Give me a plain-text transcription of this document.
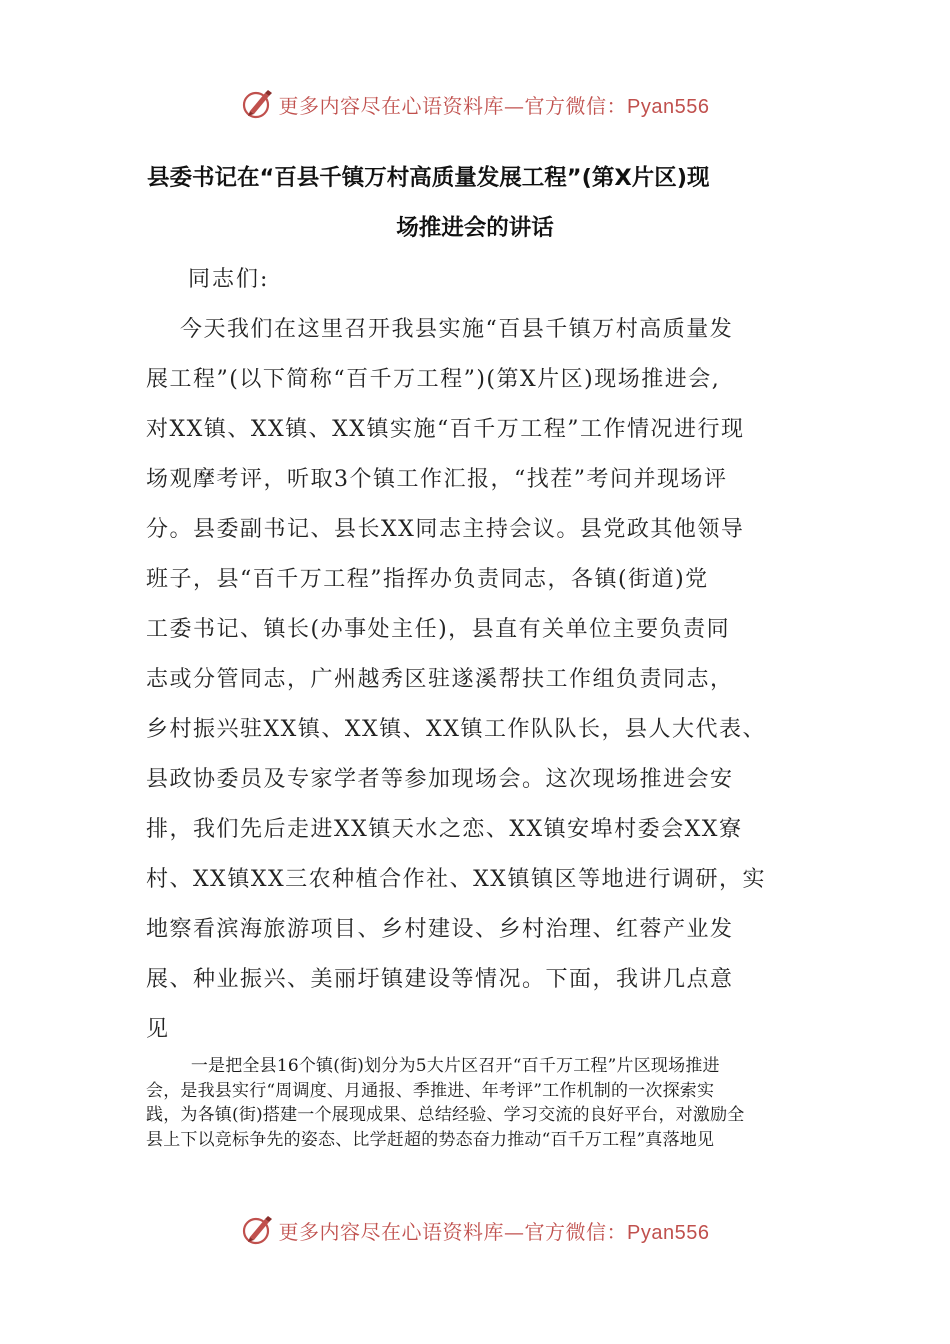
更多内容尽在心语资料库—官方微信：Pyan556
县委书记在“百县千镇万村高质量发展工程”(第X片区)现
场推进会的讲话
同志们:
今天我们在这里召开我县实施“百县千镇万村高质量发
展工程”(以下简称“百千万工程”)(第X片区)现场推进会,
对XX镇、XX镇、XX镇实施“百千万工程”工作情况进行现
场观摩考评，听取3个镇工作汇报，“找茬”考问并现场评
分。县委副书记、县长XX同志主持会议。县党政其他领导
班子，县“百千万工程”指挥办负责同志，各镇(街道)党
工委书记、镇长(办事处主任)，县直有关单位主要负责同
志或分管同志，广州越秀区驻遂溪帮扶工作组负责同志，
乡村振兴驻XX镇、XX镇、XX镇工作队队长，县人大代表、
县政协委员及专家学者等参加现场会。这次现场推进会安
排，我们先后走进XX镇天水之恋、XX镇安埠村委会XX寮
村、XX镇XX三农种植合作社、XX镇镇区等地进行调研，实
地察看滨海旅游项目、乡村建设、乡村治理、红蓉产业发
展、种业振兴、美丽圩镇建设等情况。下面，我讲几点意
见
一是把全县16个镇(街)划分为5大片区召开“百千万工程”片区现场推进
会，是我县实行“周调度、月通报、季推进、年考评”工作机制的一次探索实
践，为各镇(街)搭建一个展现成果、总结经验、学习交流的良好平台，对激励全
县上下以竞标争先的姿态、比学赶超的势态奋力推动“百千万工程”真落地见
更多内容尽在心语资料库—官方微信：Pyan556
